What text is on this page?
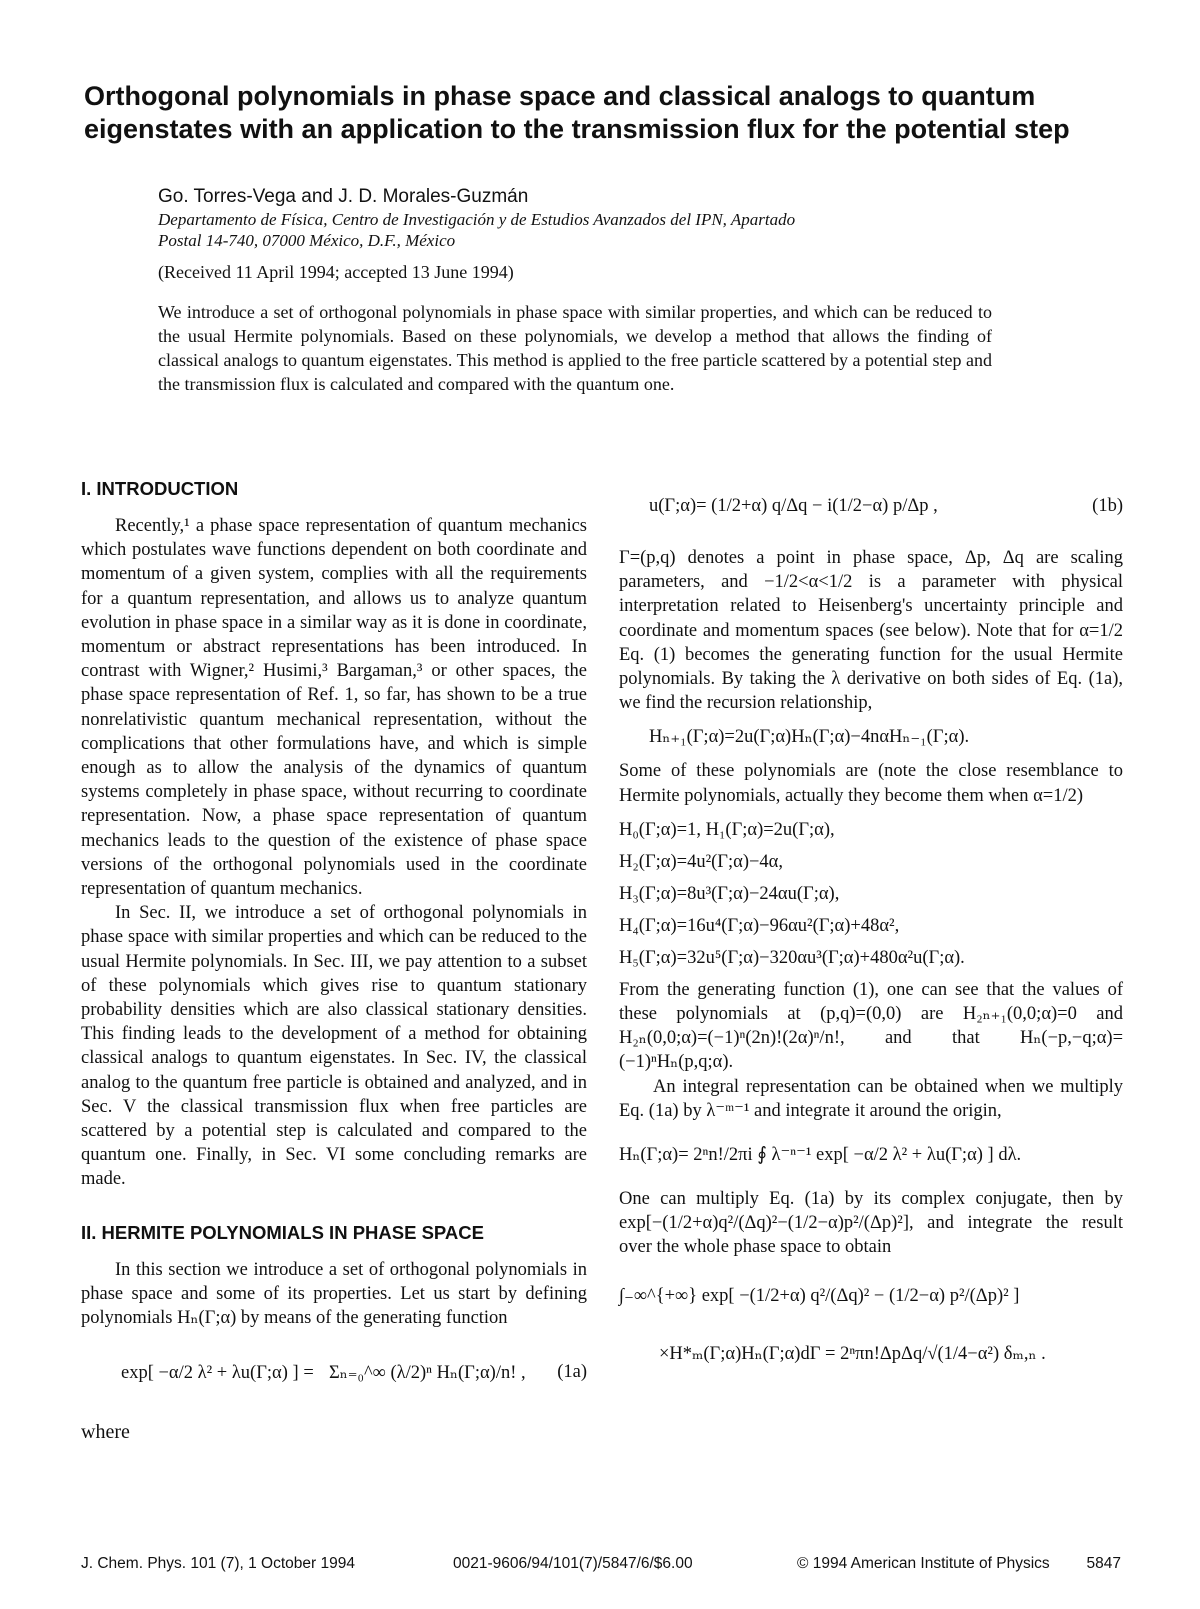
Orthogonal polynomials in phase space and classical analogs to quantum eigenstates with an application to the transmission flux for the potential step
Go. Torres-Vega and J. D. Morales-Guzmán
Departamento de Física, Centro de Investigación y de Estudios Avanzados del IPN, Apartado
Postal 14-740, 07000 México, D.F., México
(Received 11 April 1994; accepted 13 June 1994)
We introduce a set of orthogonal polynomials in phase space with similar properties, and which can be reduced to the usual Hermite polynomials. Based on these polynomials, we develop a method that allows the finding of classical analogs to quantum eigenstates. This method is applied to the free particle scattered by a potential step and the transmission flux is calculated and compared with the quantum one.

I. INTRODUCTION

Recently,¹ a phase space representation of quantum mechanics which postulates wave functions dependent on both coordinate and momentum of a given system, complies with all the requirements for a quantum representation, and allows us to analyze quantum evolution in phase space in a similar way as it is done in coordinate, momentum or abstract representations has been introduced. In contrast with Wigner,² Husimi,³ Bargaman,³ or other spaces, the phase space representation of Ref. 1, so far, has shown to be a true nonrelativistic quantum mechanical representation, without the complications that other formulations have, and which is simple enough as to allow the analysis of the dynamics of quantum systems completely in phase space, without recurring to coordinate representation. Now, a phase space representation of quantum mechanics leads to the question of the existence of phase space versions of the orthogonal polynomials used in the coordinate representation of quantum mechanics.

In Sec. II, we introduce a set of orthogonal polynomials in phase space with similar properties and which can be reduced to the usual Hermite polynomials. In Sec. III, we pay attention to a subset of these polynomials which gives rise to quantum stationary probability densities which are also classical stationary densities. This finding leads to the development of a method for obtaining classical analogs to quantum eigenstates. In Sec. IV, the classical analog to the quantum free particle is obtained and analyzed, and in Sec. V the classical transmission flux when free particles are scattered by a potential step is calculated and compared to the quantum one. Finally, in Sec. VI some concluding remarks are made.

II. HERMITE POLYNOMIALS IN PHASE SPACE

In this section we introduce a set of orthogonal polynomials in phase space and some of its properties. Let us start by defining polynomials Hₙ(Γ;α) by means of the generating function

exp[ −α/2 λ² + λu(Γ;α) ] = Σₙ₌₀^∞ (λ/2)ⁿ Hₙ(Γ;α)/n! , (1a)

where

u(Γ;α)= (1/2+α) q/Δq − i(1/2−α) p/Δp ,	(1b)

Γ=(p,q) denotes a point in phase space, Δp, Δq are scaling parameters, and −1/2<α<1/2 is a parameter with physical interpretation related to Heisenberg's uncertainty principle and coordinate and momentum spaces (see below). Note that for α=1/2 Eq. (1) becomes the generating function for the usual Hermite polynomials. By taking the λ derivative on both sides of Eq. (1a), we find the recursion relationship,

Hₙ₊₁(Γ;α)=2u(Γ;α)Hₙ(Γ;α)−4nαHₙ₋₁(Γ;α).

Some of these polynomials are (note the close resemblance to Hermite polynomials, actually they become them when α=1/2)

H₀(Γ;α)=1, H₁(Γ;α)=2u(Γ;α),

H₂(Γ;α)=4u²(Γ;α)−4α,

H₃(Γ;α)=8u³(Γ;α)−24αu(Γ;α),

H₄(Γ;α)=16u⁴(Γ;α)−96αu²(Γ;α)+48α²,

H₅(Γ;α)=32u⁵(Γ;α)−320αu³(Γ;α)+480α²u(Γ;α).

From the generating function (1), one can see that the values of these polynomials at (p,q)=(0,0) are H₂ₙ₊₁(0,0;α)=0 and H₂ₙ(0,0;α)=(−1)ⁿ(2n)!(2α)ⁿ/n!, and that Hₙ(−p,−q;α)=(−1)ⁿHₙ(p,q;α).

An integral representation can be obtained when we multiply Eq. (1a) by λ⁻ᵐ⁻¹ and integrate it around the origin,

Hₙ(Γ;α)= 2ⁿn!/2πi ∮ λ⁻ⁿ⁻¹ exp[ −α/2 λ² + λu(Γ;α) ] dλ.

One can multiply Eq. (1a) by its complex conjugate, then by exp[−(1/2+α)q²/(Δq)²−(1/2−α)p²/(Δp)²], and integrate the result over the whole phase space to obtain

∫₋∞^{+∞} exp[ −(1/2+α) q²/(Δq)² − (1/2−α) p²/(Δp)² ]

×H*ₘ(Γ;α)Hₙ(Γ;α)dΓ = 2ⁿπn!ΔpΔq/√(1/4−α²) δₘ,ₙ .

J. Chem. Phys. 101 (7), 1 October 1994	0021-9606/94/101(7)/5847/6/$6.00	© 1994 American Institute of Physics 5847
